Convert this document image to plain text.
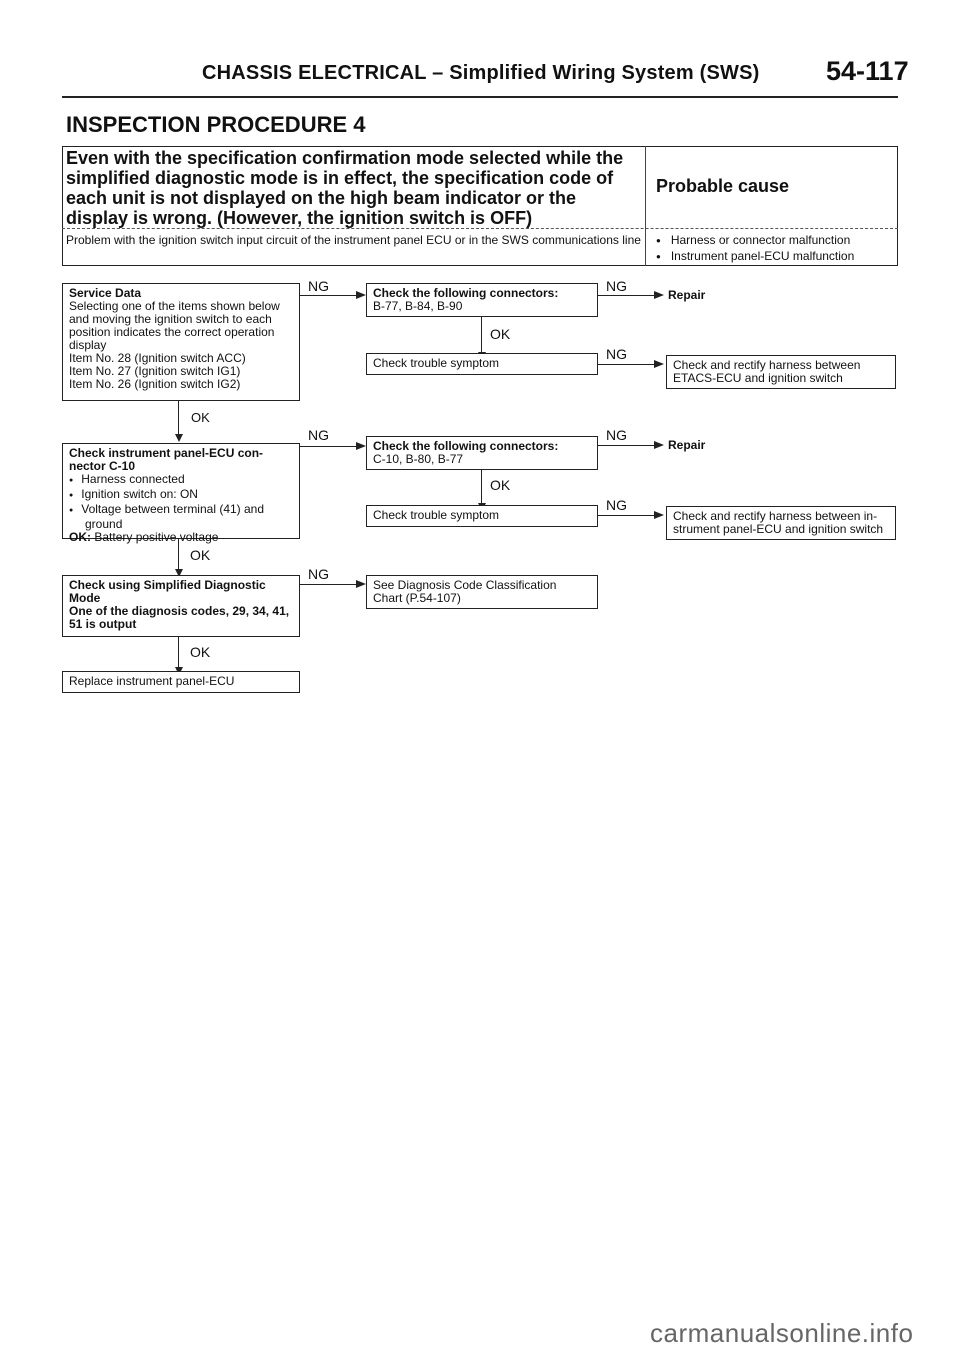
CHASSIS ELECTRICAL – Simplified Wiring System (SWS) 54-117
INSPECTION PROCEDURE 4
Even with the specification confirmation mode selected while the simplified diagnostic mode is in effect, the specification code of each unit is not displayed on the high beam indicator or the display is wrong. (However, the ignition switch is OFF)
Probable cause
Problem with the ignition switch input circuit of the instrument panel ECU or in the SWS communications line
●	Harness or connector malfunction
● Instrument panel-ECU malfunction
Service Data
Selecting one of the items shown below
and moving the ignition switch to each
position indicates the correct operation
display
Item No. 28 (Ignition switch ACC)
Item No. 27 (Ignition switch IG1)
Item No. 26 (Ignition switch IG2)
NG	Check the following connectors:
B-77, B-84, B-90
NG
Repair
OK
Check trouble symptom
NG
Check and rectify harness between
ETACS-ECU and ignition switch
OK
Check instrument panel-ECU con-
nector C-10
● Harness connected
● Ignition switch on: ON
● Voltage between terminal (41) and
ground
OK: Battery positive voltage
NG
Check the following connectors:
C-10, B-80, B-77
NG
Repair
OK
Check trouble symptom
NG
Check and rectify harness between in-
strument panel-ECU and ignition switch
OK
Check using Simplified Diagnostic
Mode
One of the diagnosis codes, 29, 34, 41,
51 is output
NG
See Diagnosis Code Classification
Chart (P.54-107)
OK
Replace instrument panel-ECU
carmanualsonline.info
